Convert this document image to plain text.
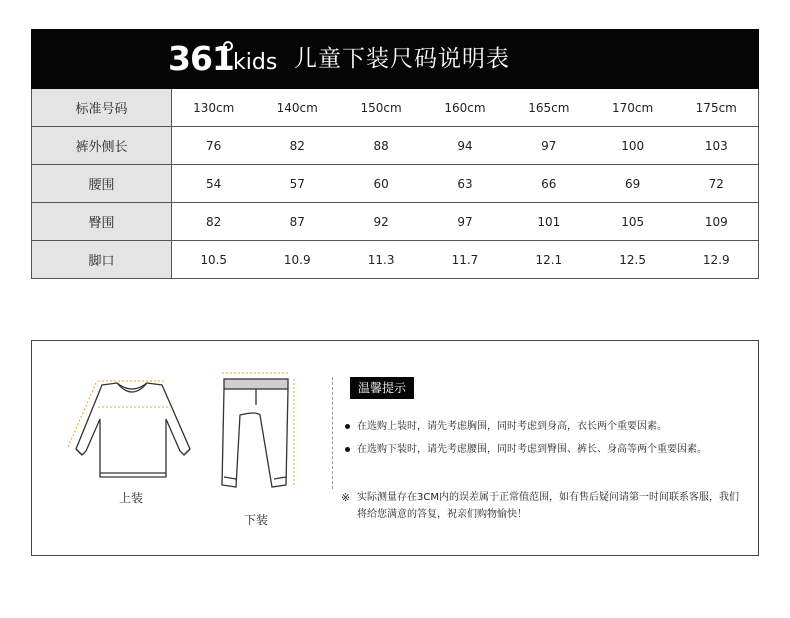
361 kids 儿童下装尺码说明表
标准号码	130cm	140cm	150cm	160cm	165cm	170cm	175cm
裤外侧长	76	82	88	94	97	100	103
腰围	54	57	60	63	66	69	72
臀围	82	87	92	97	101	105	109
脚口	10.5	10.9	11.3	11.7	12.1	12.5	12.9
上装
下装
温馨提示
在选购上装时，请先考虑胸围，同时考虑到身高，衣长两个重要因素。
在选购下装时，请先考虑腰围，同时考虑到臀围、裤长、身高等两个重要因素。
※ 实际测量存在3CM内的误差属于正常值范围，如有售后疑问请第一时间联系客服，我们将给您满意的答复，祝亲们购物愉快！
